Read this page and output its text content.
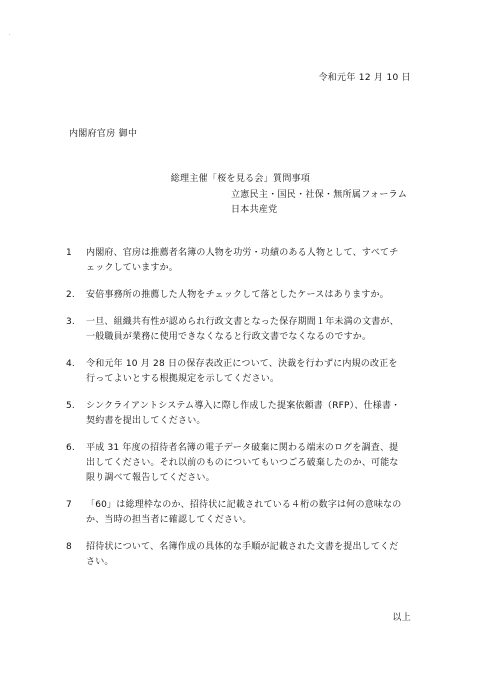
·
令和元年 12 月 10 日
内閣府官房 御中
総理主催「桜を見る会」質問事項
立憲民主・国民・社保・無所属フォーラム
日本共産党
1	内閣府、官房は推薦者名簿の人物を功労・功績のある人物として、すべてチ
ェックしていますか。
2.	安倍事務所の推薦した人物をチェックして落としたケースはありますか。
3.	一旦、組織共有性が認められ行政文書となった保存期間１年未満の文書が、
一般職員が業務に使用できなくなると行政文書でなくなるのですか。
4.	令和元年 10 月 28 日の保存表改正について、決裁を行わずに内規の改正を
行ってよいとする根拠規定を示してください。
5.	シンクライアントシステム導入に際し作成した提案依頼書（RFP）、仕様書・
契約書を提出してください。
6.	平成 31 年度の招待者名簿の電子データ破棄に関わる端末のログを調査、提
出してください。それ以前のものについてもいつごろ破棄したのか、可能な
限り調べて報告してください。
7	「60」は総理枠なのか、招待状に記載されている４桁の数字は何の意味なの
か、当時の担当者に確認してください。
8	招待状について、名簿作成の具体的な手順が記載された文書を提出してくだ
さい。
以上
